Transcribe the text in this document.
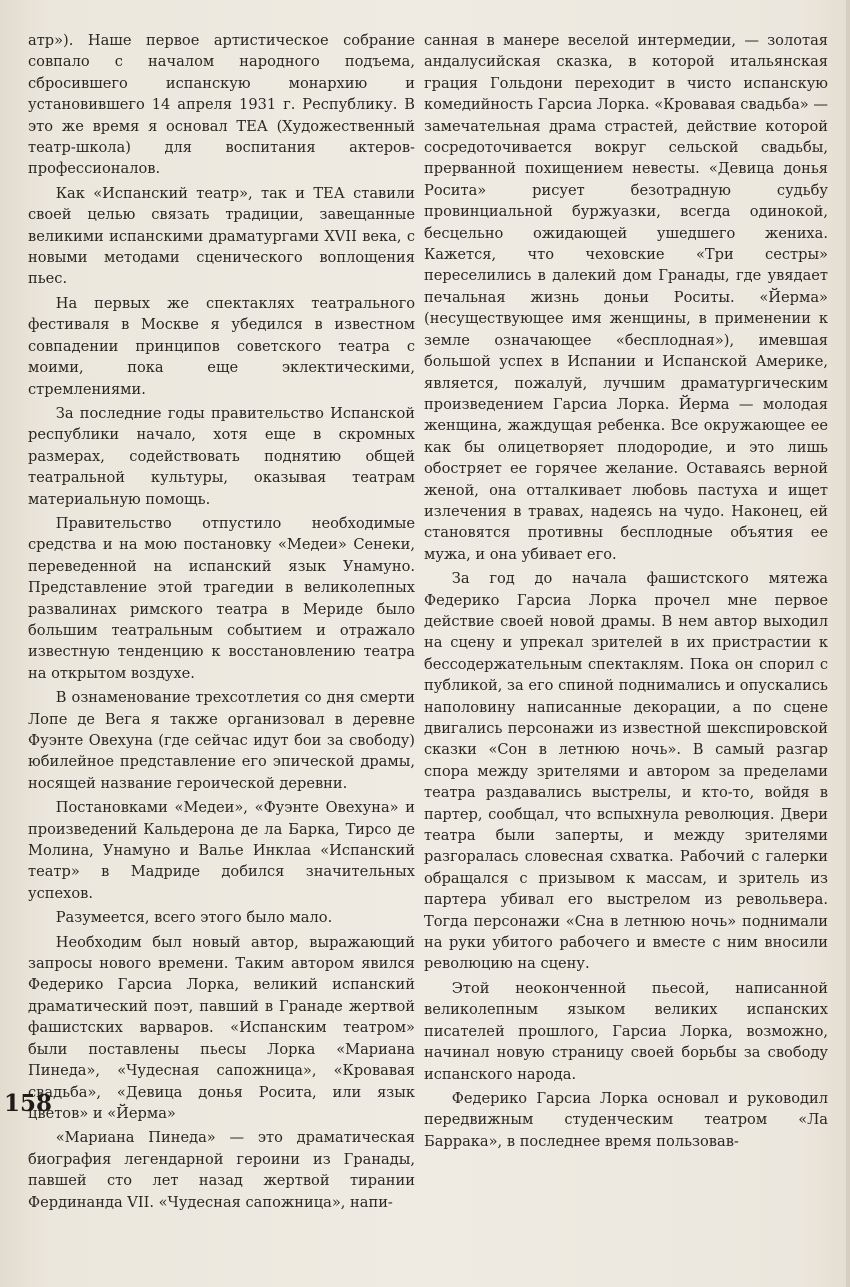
атр»). Наше первое артистическое собрание совпало с началом народного подъема, сбросившего испанскую монархию и установившего 14 апреля 1931 г. Республику. В это же время я основал ТЕА (Художественный театр-школа) для воспитания актеров-профессионалов.

Как «Испанский театр», так и ТЕА ставили своей целью связать традиции, завещанные великими испанскими драматургами XVII века, с новыми методами сценического воплощения пьес.

На первых же спектаклях театрального фестиваля в Москве я убедился в известном совпадении принципов советского театра с моими, пока еще эклектическими, стремлениями.

За последние годы правительство Испанской республики начало, хотя еще в скромных размерах, содействовать поднятию общей театральной культуры, оказывая театрам материальную помощь.

Правительство отпустило необходимые средства и на мою постановку «Медеи» Сенеки, переведенной на испанский язык Унамуно. Представление этой трагедии в великолепных развалинах римского театра в Мериде было большим театральным событием и отражало известную тенденцию к восстановлению театра на открытом воздухе.

В ознаменование трехсотлетия со дня смерти Лопе де Вега я также организовал в деревне Фуэнте Овехуна (где сейчас идут бои за свободу) юбилейное представление его эпической драмы, носящей название героической деревни.

Постановками «Медеи», «Фуэнте Овехуна» и произведений Кальдерона де ла Барка, Тирсо де Молина, Унамуно и Валье Инклаа «Испанский театр» в Мадриде добился значительных успехов.

Разумеется, всего этого было мало.

Необходим был новый автор, выражающий запросы нового времени. Таким автором явился Федерико Гарсиа Лорка, великий испанский драматический поэт, павший в Гранаде жертвой фашистских варваров. «Испанским театром» были поставлены пьесы Лорка «Мариана Пинеда», «Чудесная сапожница», «Кровавая свадьба», «Девица донья Росита, или язык цветов» и «Йерма»

«Мариана Пинеда» — это драматическая биография легендарной героини из Гранады, павшей сто лет назад жертвой тирании Фердинанда VII. «Чудесная сапожница», напи-

санная в манере веселой интермедии, — золотая андалусийская сказка, в которой итальянская грация Гольдони переходит в чисто испанскую комедийность Гарсиа Лорка. «Кровавая свадьба» — замечательная драма страстей, действие которой сосредоточивается вокруг сельской свадьбы, прерванной похищением невесты. «Девица донья Росита» рисует безотрадную судьбу провинциальной буржуазки, всегда одинокой, бесцельно ожидающей ушедшего жениха. Кажется, что чеховские «Три сестры» переселились в далекий дом Гранады, где увядает печальная жизнь доньи Роситы. «Йерма» (несуществующее имя женщины, в применении к земле означающее «бесплодная»), имевшая большой успех в Испании и Испанской Америке, является, пожалуй, лучшим драматургическим произведением Гарсиа Лорка. Йерма — молодая женщина, жаждущая ребенка. Все окружающее ее как бы олицетворяет плодородие, и это лишь обостряет ее горячее желание. Оставаясь верной женой, она отталкивает любовь пастуха и ищет излечения в травах, надеясь на чудо. Наконец, ей становятся противны бесплодные объятия ее мужа, и она убивает его.

За год до начала фашистского мятежа Федерико Гарсиа Лорка прочел мне первое действие своей новой драмы. В нем автор выходил на сцену и упрекал зрителей в их пристрастии к бессодержательным спектаклям. Пока он спорил с публикой, за его спиной поднимались и опускались наполовину написанные декорации, а по сцене двигались персонажи из известной шекспировской сказки «Сон в летнюю ночь». В самый разгар спора между зрителями и автором за пределами театра раздавались выстрелы, и кто-то, войдя в партер, сообщал, что вспыхнула революция. Двери театра были заперты, и между зрителями разгоралась словесная схватка. Рабочий с галерки обращался с призывом к массам, и зритель из партера убивал его выстрелом из револьвера. Тогда персонажи «Сна в летнюю ночь» поднимали на руки убитого рабочего и вместе с ним вносили революцию на сцену.

Этой неоконченной пьесой, написанной великолепным языком великих испанских писателей прошлого, Гарсиа Лорка, возможно, начинал новую страницу своей борьбы за свободу испанского народа.

Федерико Гарсиа Лорка основал и руководил передвижным студенческим театром «Ла Барракa», в последнее время пользовав-

158
